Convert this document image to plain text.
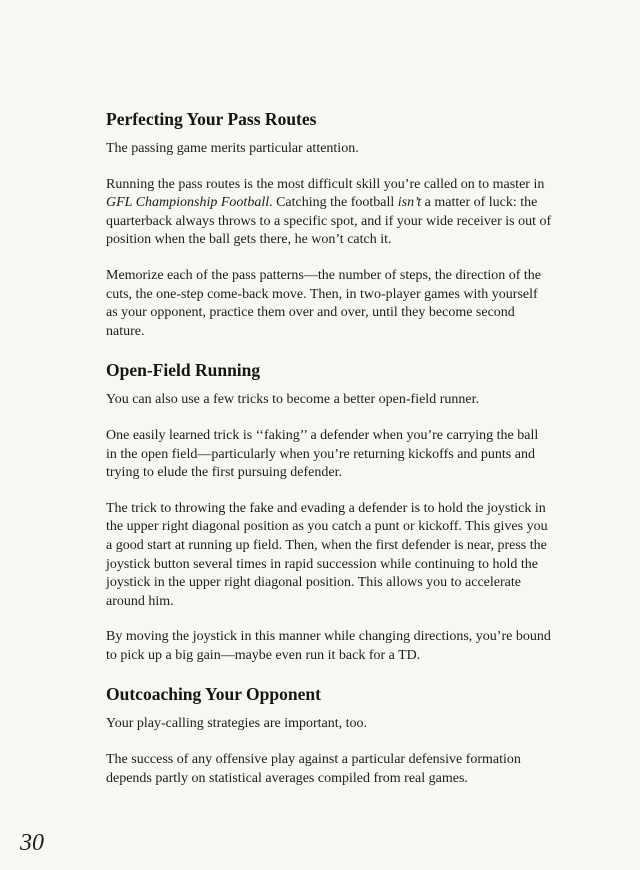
Perfecting Your Pass Routes

The passing game merits particular attention.

Running the pass routes is the most difficult skill you’re called on to master in GFL Championship Football. Catching the football isn’t a matter of luck: the quarterback always throws to a specific spot, and if your wide receiver is out of position when the ball gets there, he won’t catch it.

Memorize each of the pass patterns—the number of steps, the direction of the cuts, the one-step come-back move. Then, in two-player games with yourself as your opponent, practice them over and over, until they become second nature.

Open-Field Running

You can also use a few tricks to become a better open-field runner.

One easily learned trick is ‘‘faking’’ a defender when you’re carrying the ball in the open field—particularly when you’re returning kickoffs and punts and trying to elude the first pursuing defender.

The trick to throwing the fake and evading a defender is to hold the joystick in the upper right diagonal position as you catch a punt or kickoff. This gives you a good start at running up field. Then, when the first defender is near, press the joystick button several times in rapid succession while continuing to hold the joystick in the upper right diagonal position. This allows you to accelerate around him.

By moving the joystick in this manner while changing directions, you’re bound to pick up a big gain—maybe even run it back for a TD.

Outcoaching Your Opponent

Your play-calling strategies are important, too.

The success of any offensive play against a particular defensive formation depends partly on statistical averages compiled from real games.

30
